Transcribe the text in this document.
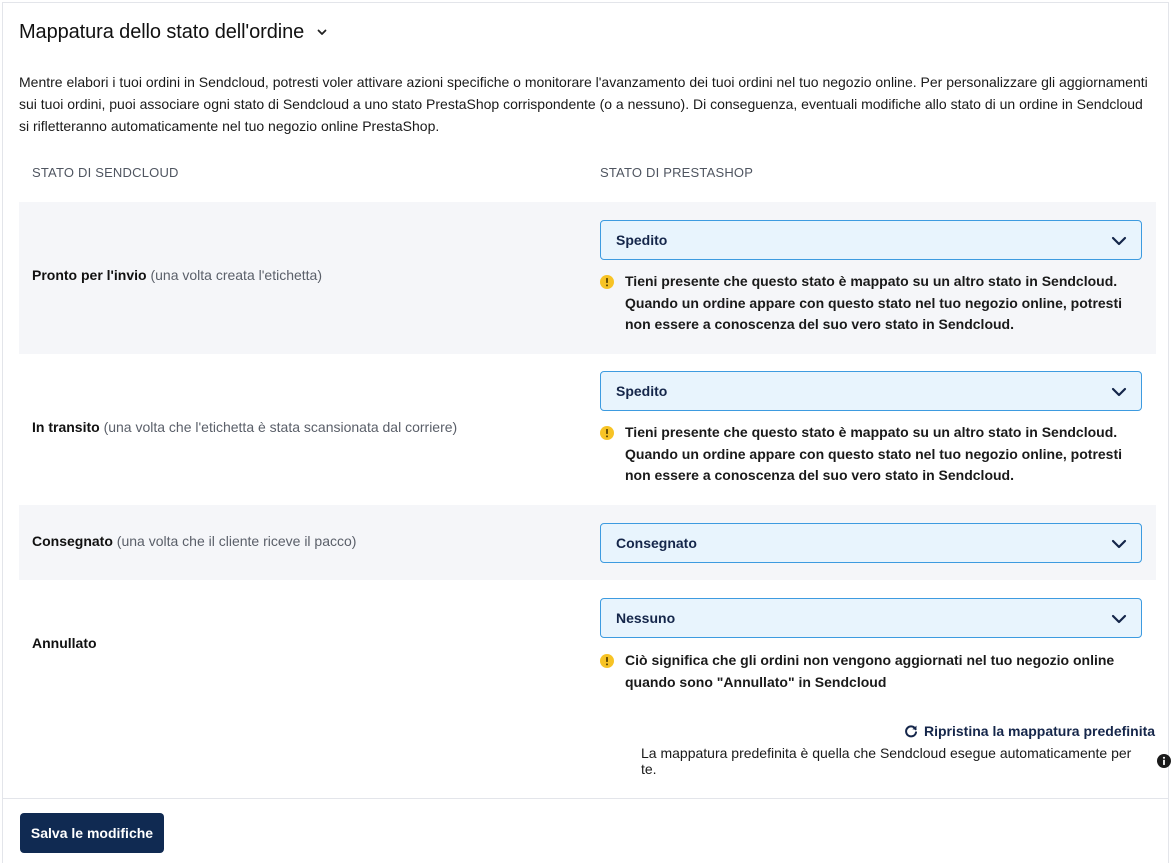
Mappatura dello stato dell'ordine

Mentre elabori i tuoi ordini in Sendcloud, potresti voler attivare azioni specifiche o monitorare l'avanzamento dei tuoi ordini nel tuo negozio online. Per personalizzare gli aggiornamenti sui tuoi ordini, puoi associare ogni stato di Sendcloud a uno stato PrestaShop corrispondente (o a nessuno). Di conseguenza, eventuali modifiche allo stato di un ordine in Sendcloud si rifletteranno automaticamente nel tuo negozio online PrestaShop.

STATO DI SENDCLOUD	STATO DI PRESTASHOP
Pronto per l'invio (una volta creata l'etichetta)
Spedito
Tieni presente che questo stato è mappato su un altro stato in Sendcloud. Quando un ordine appare con questo stato nel tuo negozio online, potresti non essere a conoscenza del suo vero stato in Sendcloud.
In transito (una volta che l'etichetta è stata scansionata dal corriere)
Spedito
Tieni presente che questo stato è mappato su un altro stato in Sendcloud. Quando un ordine appare con questo stato nel tuo negozio online, potresti non essere a conoscenza del suo vero stato in Sendcloud.
Consegnato (una volta che il cliente riceve il pacco)	Consegnato
Annullato
Nessuno
Ciò significa che gli ordini non vengono aggiornati nel tuo negozio online quando sono "Annullato" in Sendcloud
Ripristina la mappatura predefinita
La mappatura predefinita è quella che Sendcloud esegue automaticamente per te.
Salva le modifiche
